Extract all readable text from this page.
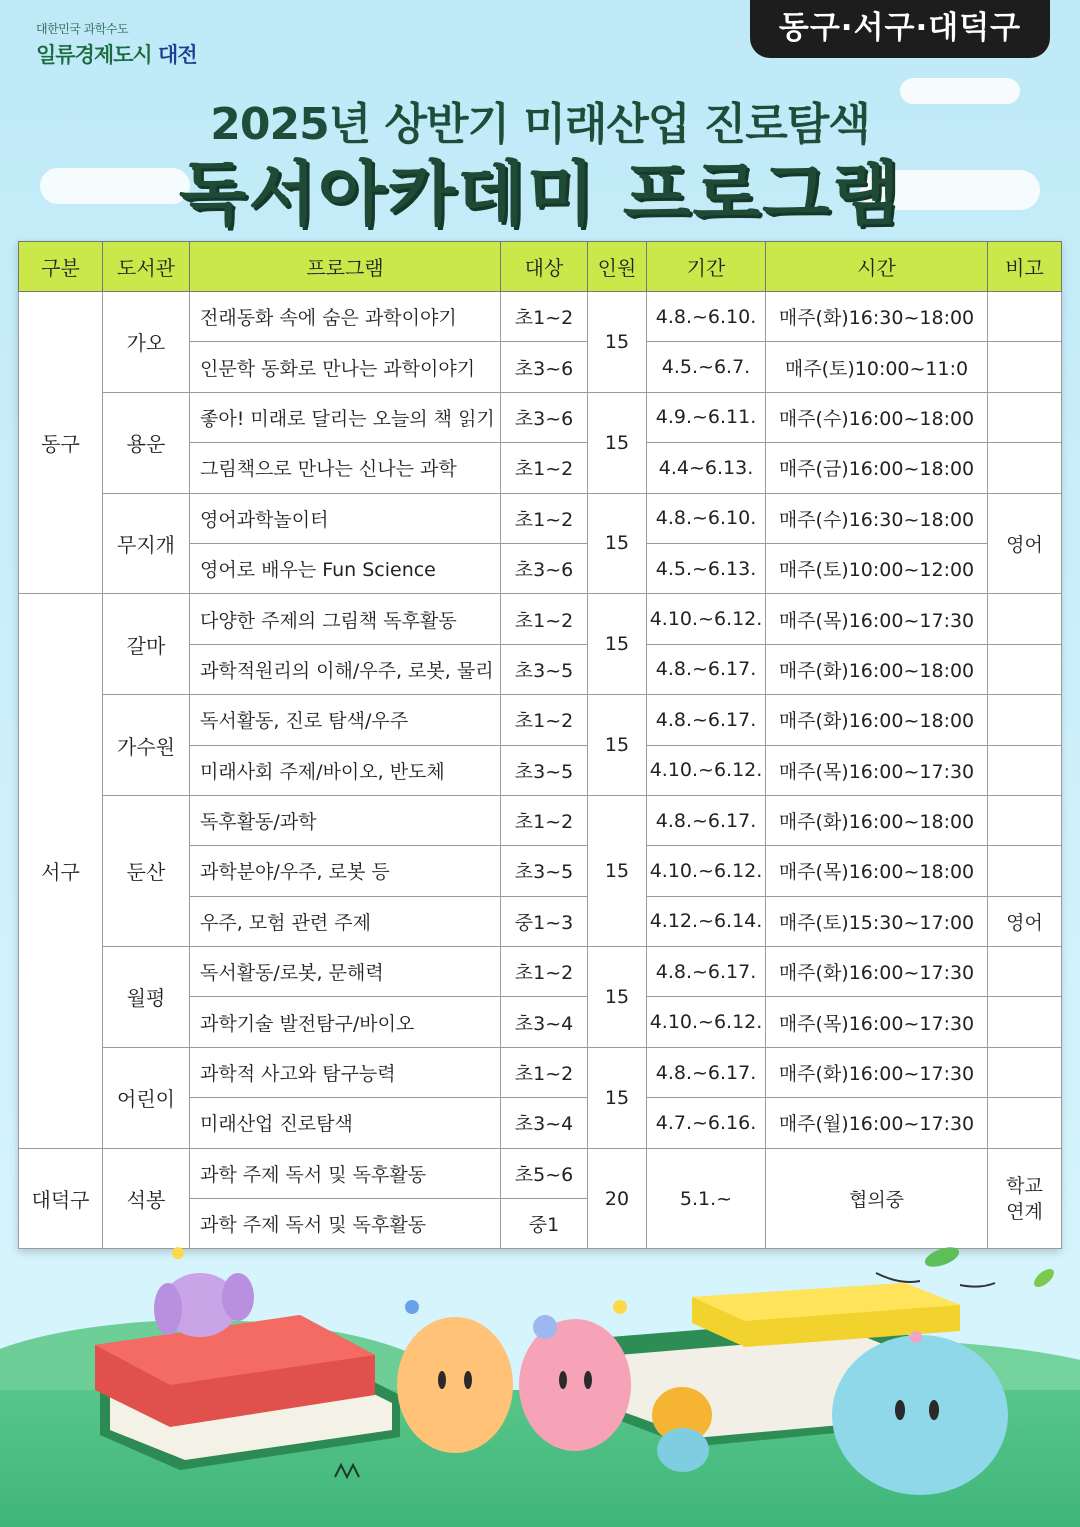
대한민국 과학수도
일류경제도시 대전
동구·서구·대덕구
2025년 상반기 미래산업 진로탐색
독서아카데미 프로그램
구분	도서관	프로그램	대상	인원	기간	시간	비고
동구	가오	전래동화 속에 숨은 과학이야기	초1~2	15	4.8.~6.10.	매주(화)16:30~18:00	
		인문학 동화로 만나는 과학이야기	초3~6		4.5.~6.7.	매주(토)10:00~11:0	
	용운	좋아! 미래로 달리는 오늘의 책 읽기	초3~6	15	4.9.~6.11.	매주(수)16:00~18:00	
		그림책으로 만나는 신나는 과학	초1~2		4.4~6.13.	매주(금)16:00~18:00	
	무지개	영어과학놀이터	초1~2	15	4.8.~6.10.	매주(수)16:30~18:00	영어
		영어로 배우는 Fun Science	초3~6		4.5.~6.13.	매주(토)10:00~12:00	
서구	갈마	다양한 주제의 그림책 독후활동	초1~2	15	4.10.~6.12.	매주(목)16:00~17:30	
		과학적원리의 이해/우주, 로봇, 물리	초3~5		4.8.~6.17.	매주(화)16:00~18:00	
	가수원	독서활동, 진로 탐색/우주	초1~2	15	4.8.~6.17.	매주(화)16:00~18:00	
		미래사회 주제/바이오, 반도체	초3~5		4.10.~6.12.	매주(목)16:00~17:30	
	둔산	독후활동/과학	초1~2	15	4.8.~6.17.	매주(화)16:00~18:00	
		과학분야/우주, 로봇 등	초3~5		4.10.~6.12.	매주(목)16:00~18:00	
		우주, 모험 관련 주제	중1~3		4.12.~6.14.	매주(토)15:30~17:00	영어
	월평	독서활동/로봇, 문해력	초1~2	15	4.8.~6.17.	매주(화)16:00~17:30	
		과학기술 발전탐구/바이오	초3~4		4.10.~6.12.	매주(목)16:00~17:30	
	어린이	과학적 사고와 탐구능력	초1~2	15	4.8.~6.17.	매주(화)16:00~17:30	
		미래산업 진로탐색	초3~4		4.7.~6.16.	매주(월)16:00~17:30	
대덕구	석봉	과학 주제 독서 및 독후활동	초5~6	20	5.1.~	협의중	학교 연계
		과학 주제 독서 및 독후활동	중1				
